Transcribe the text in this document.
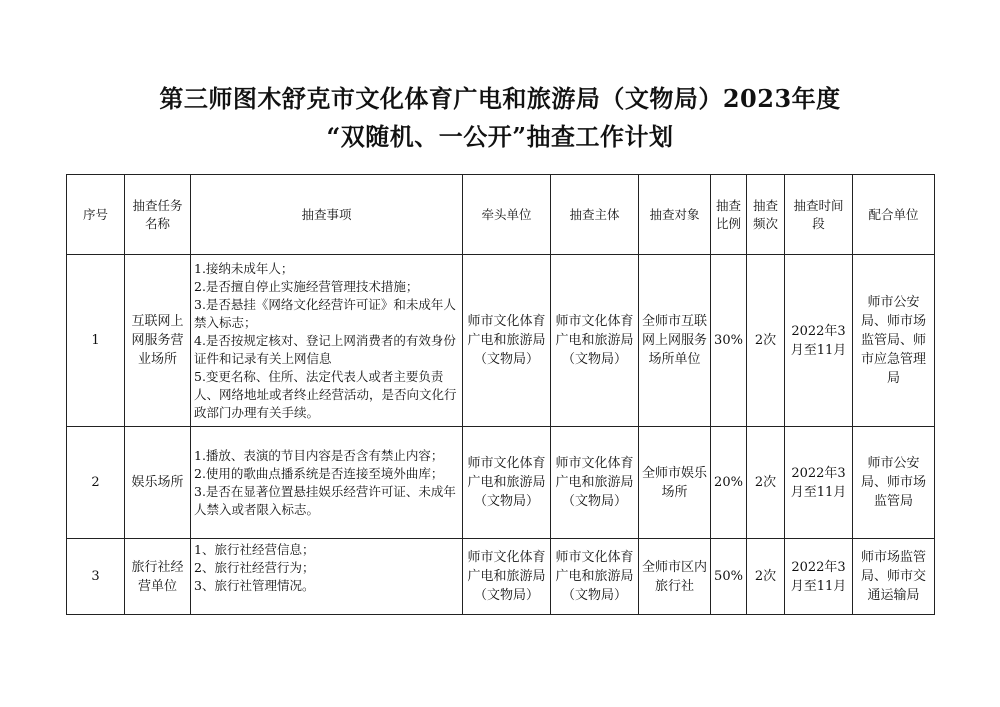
第三师图木舒克市文化体育广电和旅游局（文物局）2023年度
“双随机、一公开”抽查工作计划
序号	抽查任务名称	抽查事项	牵头单位	抽查主体	抽查对象	抽查比例	抽查频次	抽查时间段	配合单位
1	互联网上网服务营业场所	1.接纳未成年人；
2.是否擅自停止实施经营管理技术措施；
3.是否悬挂《网络文化经营许可证》和未成年人禁入标志；
4.是否按规定核对、登记上网消费者的有效身份证件和记录有关上网信息
5.变更名称、住所、法定代表人或者主要负责人、网络地址或者终止经营活动，是否向文化行政部门办理有关手续。	师市文化体育广电和旅游局（文物局）	师市文化体育广电和旅游局（文物局）	全师市互联网上网服务场所单位	30%	2次	2022年3月至11月	师市公安局、师市场监管局、师市应急管理局
2	娱乐场所	1.播放、表演的节目内容是否含有禁止内容；
2.使用的歌曲点播系统是否连接至境外曲库；
3.是否在显著位置悬挂娱乐经营许可证、未成年人禁入或者限入标志。	师市文化体育广电和旅游局（文物局）	师市文化体育广电和旅游局（文物局）	全师市娱乐场所	20%	2次	2022年3月至11月	师市公安局、师市场监管局
3	旅行社经营单位	1、旅行社经营信息；
2、旅行社经营行为；
3、旅行社管理情况。	师市文化体育广电和旅游局（文物局）	师市文化体育广电和旅游局（文物局）	全师市区内旅行社	50%	2次	2022年3月至11月	师市场监管局、师市交通运输局
